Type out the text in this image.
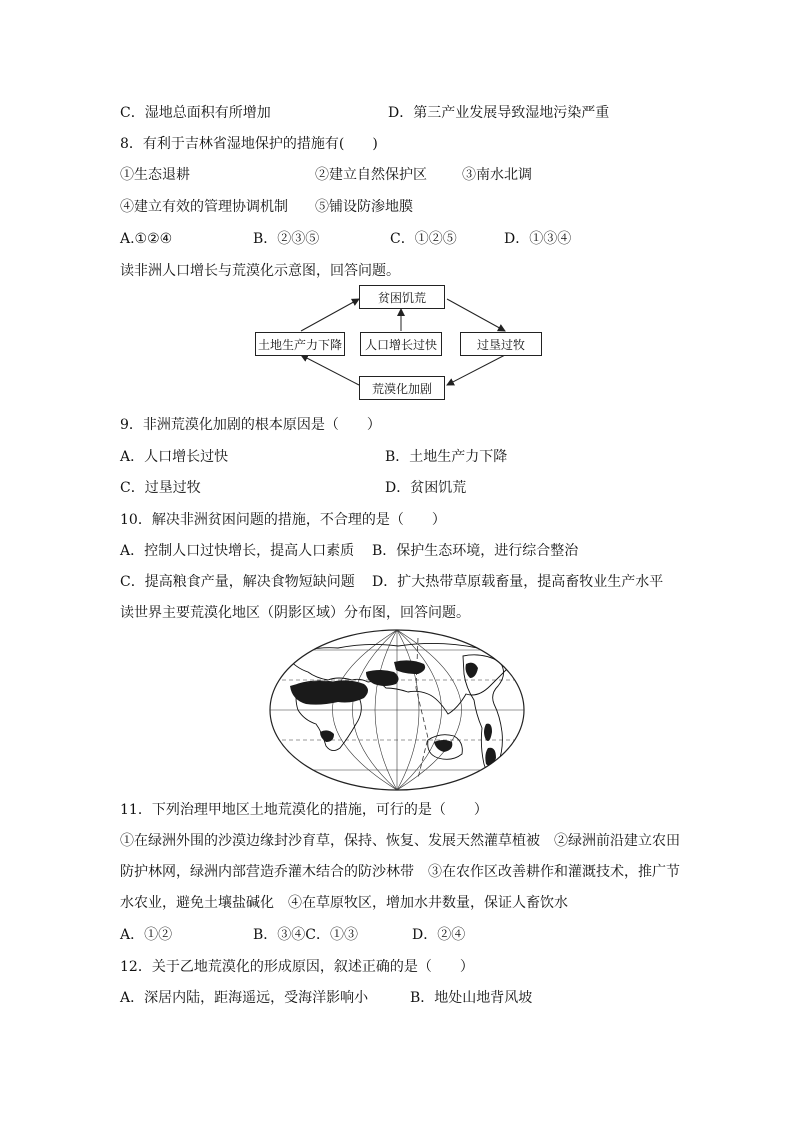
C．湿地总面积有所增加	D．第三产业发展导致湿地污染严重
8．有利于吉林省湿地保护的措施有(　　)
①生态退耕	②建立自然保护区	③南水北调
④建立有效的管理协调机制 ⑤铺设防渗地膜
A.①②④	B．②③⑤	C．①②⑤	D．①③④
读非洲人口增长与荒漠化示意图，回答问题。
贫困饥荒
土地生产力下降	人口增长过快	过垦过牧
荒漠化加剧
9．非洲荒漠化加剧的根本原因是（　　）
A．人口增长过快	B．土地生产力下降
C．过垦过牧	D．贫困饥荒
10．解决非洲贫困问题的措施，不合理的是（　　）
A．控制人口过快增长，提高人口素质 B．保护生态环境，进行综合整治
C．提高粮食产量，解决食物短缺问题 D．扩大热带草原载畜量，提高畜牧业生产水平
读世界主要荒漠化地区（阴影区域）分布图，回答问题。
11．下列治理甲地区土地荒漠化的措施，可行的是（　　）
①在绿洲外围的沙漠边缘封沙育草，保持、恢复、发展天然灌草植被　②绿洲前沿建立农田
防护林网，绿洲内部营造乔灌木结合的防沙林带　③在农作区改善耕作和灌溉技术，推广节
水农业，避免土壤盐碱化　④在草原牧区，增加水井数量，保证人畜饮水
A．①②	B．③④C．①③	D．②④
12．关于乙地荒漠化的形成原因，叙述正确的是（　　）
A．深居内陆，距海遥远，受海洋影响小	B．地处山地背风坡
